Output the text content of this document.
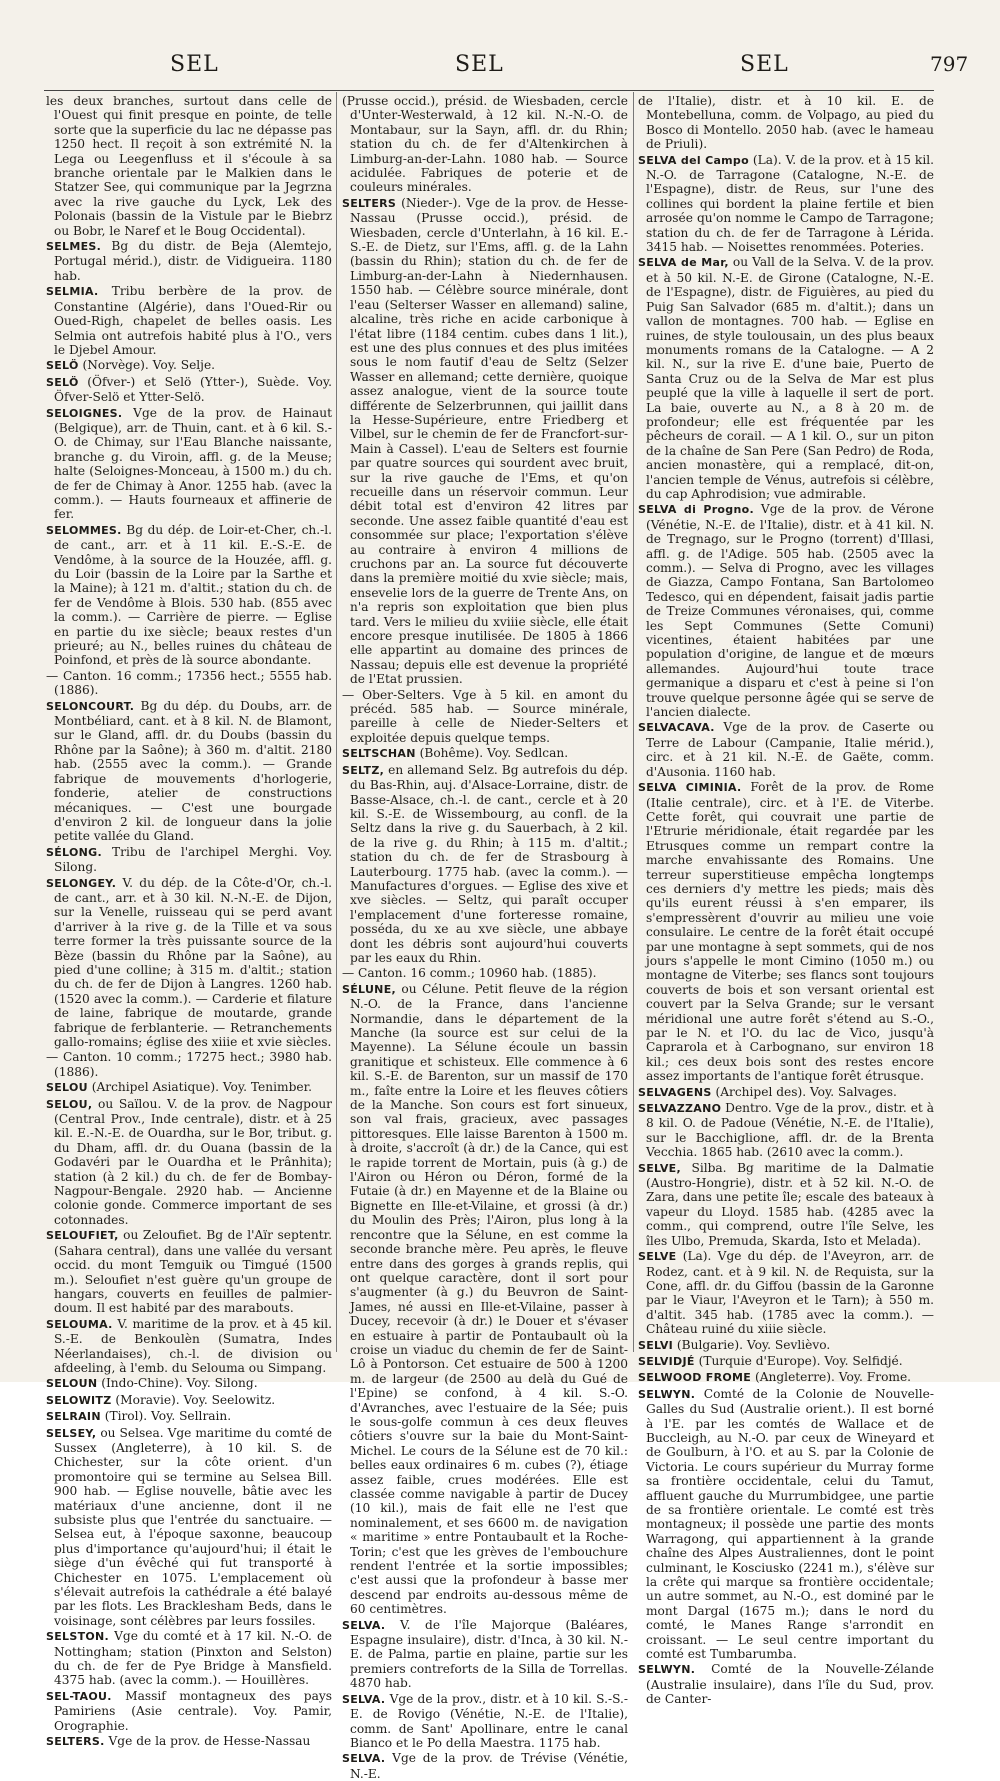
SEL	SEL	SEL	797

les deux branches, surtout dans celle de l'Ouest qui finit presque en pointe, de telle sorte que la superficie du lac ne dépasse pas 1250 hect. Il reçoit à son extrémité N. la Lega ou Leegenfluss et il s'écoule à sa branche orientale par le Malkien dans le Statzer See, qui communique par la Jegrzna avec la rive gauche du Lyck, Lek des Polonais (bassin de la Vistule par le Biebrz ou Bobr, le Naref et le Boug Occidental).

SELMES. Bg du distr. de Beja (Alemtejo, Portugal mérid.), distr. de Vidigueira. 1180 hab.

SELMIA. Tribu berbère de la prov. de Constantine (Algérie), dans l'Oued-Rir ou Oued-Righ, chapelet de belles oasis. Les Selmia ont autrefois habité plus à l'O., vers le Djebel Amour.

SELÖ (Norvège). Voy. Selje.

SELÖ (Öfver-) et Selö (Ytter-), Suède. Voy. Öfver-Selö et Ytter-Selö.

SELOIGNES. Vge de la prov. de Hainaut (Belgique), arr. de Thuin, cant. et à 6 kil. S.-O. de Chimay, sur l'Eau Blanche naissante, branche g. du Viroin, affl. g. de la Meuse; halte (Seloignes-Monceau, à 1500 m.) du ch. de fer de Chimay à Anor. 1255 hab. (avec la comm.). — Hauts fourneaux et affinerie de fer.

SELOMMES. Bg du dép. de Loir-et-Cher, ch.-l. de cant., arr. et à 11 kil. E.-S.-E. de Vendôme, à la source de la Houzée, affl. g. du Loir (bassin de la Loire par la Sarthe et la Maine); à 121 m. d'altit.; station du ch. de fer de Vendôme à Blois. 530 hab. (855 avec la comm.). — Carrière de pierre. — Eglise en partie du ixe siècle; beaux restes d'un prieuré; au N., belles ruines du château de Poinfond, et près de là source abondante.

— Canton. 16 comm.; 17356 hect.; 5555 hab. (1886).

SELONCOURT. Bg du dép. du Doubs, arr. de Montbéliard, cant. et à 8 kil. N. de Blamont, sur le Gland, affl. dr. du Doubs (bassin du Rhône par la Saône); à 360 m. d'altit. 2180 hab. (2555 avec la comm.). — Grande fabrique de mouvements d'horlogerie, fonderie, atelier de constructions mécaniques. — C'est une bourgade d'environ 2 kil. de longueur dans la jolie petite vallée du Gland.

SÉLONG. Tribu de l'archipel Merghi. Voy. Silong.

SELONGEY. V. du dép. de la Côte-d'Or, ch.-l. de cant., arr. et à 30 kil. N.-N.-E. de Dijon, sur la Venelle, ruisseau qui se perd avant d'arriver à la rive g. de la Tille et va sous terre former la très puissante source de la Bèze (bassin du Rhône par la Saône), au pied d'une colline; à 315 m. d'altit.; station du ch. de fer de Dijon à Langres. 1260 hab. (1520 avec la comm.). — Carderie et filature de laine, fabrique de moutarde, grande fabrique de ferblanterie. — Retranchements gallo-romains; église des xiiie et xvie siècles.

— Canton. 10 comm.; 17275 hect.; 3980 hab. (1886).

SELOU (Archipel Asiatique). Voy. Tenimber.

SELOU, ou Saïlou. V. de la prov. de Nagpour (Central Prov., Inde centrale), distr. et à 25 kil. E.-N.-E. de Ouardha, sur le Bor, tribut. g. du Dham, affl. dr. du Ouana (bassin de la Godavéri par le Ouardha et le Prânhita); station (à 2 kil.) du ch. de fer de Bombay-Nagpour-Bengale. 2920 hab. — Ancienne colonie gonde. Commerce important de ses cotonnades.

SELOUFIET, ou Zeloufiet. Bg de l'Aïr septentr. (Sahara central), dans une vallée du versant occid. du mont Temguik ou Timgué (1500 m.). Seloufiet n'est guère qu'un groupe de hangars, couverts en feuilles de palmier-doum. Il est habité par des marabouts.

SELOUMA. V. maritime de la prov. et à 45 kil. S.-E. de Benkoulèn (Sumatra, Indes Néerlandaises), ch.-l. de division ou afdeeling, à l'emb. du Selouma ou Simpang.

SELOUN (Indo-Chine). Voy. Silong.

SELOWITZ (Moravie). Voy. Seelowitz.

SELRAIN (Tirol). Voy. Sellrain.

SELSEY, ou Selsea. Vge maritime du comté de Sussex (Angleterre), à 10 kil. S. de Chichester, sur la côte orient. d'un promontoire qui se termine au Selsea Bill. 900 hab. — Eglise nouvelle, bâtie avec les matériaux d'une ancienne, dont il ne subsiste plus que l'entrée du sanctuaire. — Selsea eut, à l'époque saxonne, beaucoup plus d'importance qu'aujourd'hui; il était le siège d'un évêché qui fut transporté à Chichester en 1075. L'emplacement où s'élevait autrefois la cathédrale a été balayé par les flots. Les Bracklesham Beds, dans le voisinage, sont célèbres par leurs fossiles.

SELSTON. Vge du comté et à 17 kil. N.-O. de Nottingham; station (Pinxton and Selston) du ch. de fer de Pye Bridge à Mansfield. 4375 hab. (avec la comm.). — Houillères.

SEL-TAOU. Massif montagneux des pays Pamiriens (Asie centrale). Voy. Pamir, Orographie.

SELTERS. Vge de la prov. de Hesse-Nassau

(Prusse occid.), présid. de Wiesbaden, cercle d'Unter-Westerwald, à 12 kil. N.-N.-O. de Montabaur, sur la Sayn, affl. dr. du Rhin; station du ch. de fer d'Altenkirchen à Limburg-an-der-Lahn. 1080 hab. — Source acidulée. Fabriques de poterie et de couleurs minérales.

SELTERS (Nieder-). Vge de la prov. de Hesse-Nassau (Prusse occid.), présid. de Wiesbaden, cercle d'Unterlahn, à 16 kil. E.-S.-E. de Dietz, sur l'Ems, affl. g. de la Lahn (bassin du Rhin); station du ch. de fer de Limburg-an-der-Lahn à Niedernhausen. 1550 hab. — Célèbre source minérale, dont l'eau (Selterser Wasser en allemand) saline, alcaline, très riche en acide carbonique à l'état libre (1184 centim. cubes dans 1 lit.), est une des plus connues et des plus imitées sous le nom fautif d'eau de Seltz (Selzer Wasser en allemand; cette dernière, quoique assez analogue, vient de la source toute différente de Selzerbrunnen, qui jaillit dans la Hesse-Supérieure, entre Friedberg et Vilbel, sur le chemin de fer de Francfort-sur-Main à Cassel). L'eau de Selters est fournie par quatre sources qui sourdent avec bruit, sur la rive gauche de l'Ems, et qu'on recueille dans un réservoir commun. Leur débit total est d'environ 42 litres par seconde. Une assez faible quantité d'eau est consommée sur place; l'exportation s'élève au contraire à environ 4 millions de cruchons par an. La source fut découverte dans la première moitié du xvie siècle; mais, ensevelie lors de la guerre de Trente Ans, on n'a repris son exploitation que bien plus tard. Vers le milieu du xviiie siècle, elle était encore presque inutilisée. De 1805 à 1866 elle appartint au domaine des princes de Nassau; depuis elle est devenue la propriété de l'Etat prussien.

— Ober-Selters. Vge à 5 kil. en amont du précéd. 585 hab. — Source minérale, pareille à celle de Nieder-Selters et exploitée depuis quelque temps.

SELTSCHAN (Bohême). Voy. Sedlcan.

SELTZ, en allemand Selz. Bg autrefois du dép. du Bas-Rhin, auj. d'Alsace-Lorraine, distr. de Basse-Alsace, ch.-l. de cant., cercle et à 20 kil. S.-E. de Wissembourg, au confl. de la Seltz dans la rive g. du Sauerbach, à 2 kil. de la rive g. du Rhin; à 115 m. d'altit.; station du ch. de fer de Strasbourg à Lauterbourg. 1775 hab. (avec la comm.). — Manufactures d'orgues. — Eglise des xive et xve siècles. — Seltz, qui paraît occuper l'emplacement d'une forteresse romaine, posséda, du xe au xve siècle, une abbaye dont les débris sont aujourd'hui couverts par les eaux du Rhin.

— Canton. 16 comm.; 10960 hab. (1885).

SÉLUNE, ou Célune. Petit fleuve de la région N.-O. de la France, dans l'ancienne Normandie, dans le département de la Manche (la source est sur celui de la Mayenne). La Sélune écoule un bassin granitique et schisteux. Elle commence à 6 kil. S.-E. de Barenton, sur un massif de 170 m., faîte entre la Loire et les fleuves côtiers de la Manche. Son cours est fort sinueux, son val frais, gracieux, avec passages pittoresques. Elle laisse Barenton à 1500 m. à droite, s'accroît (à dr.) de la Cance, qui est le rapide torrent de Mortain, puis (à g.) de l'Airon ou Héron ou Déron, formé de la Futaie (à dr.) en Mayenne et de la Blaine ou Bignette en Ille-et-Vilaine, et grossi (à dr.) du Moulin des Près; l'Airon, plus long à la rencontre que la Sélune, en est comme la seconde branche mère. Peu après, le fleuve entre dans des gorges à grands replis, qui ont quelque caractère, dont il sort pour s'augmenter (à g.) du Beuvron de Saint-James, né aussi en Ille-et-Vilaine, passer à Ducey, recevoir (à dr.) le Douer et s'évaser en estuaire à partir de Pontaubault où la croise un viaduc du chemin de fer de Saint-Lô à Pontorson. Cet estuaire de 500 à 1200 m. de largeur (de 2500 au delà du Gué de l'Epine) se confond, à 4 kil. S.-O. d'Avranches, avec l'estuaire de la Sée; puis le sous-golfe commun à ces deux fleuves côtiers s'ouvre sur la baie du Mont-Saint-Michel. Le cours de la Sélune est de 70 kil.: belles eaux ordinaires 6 m. cubes (?), étiage assez faible, crues modérées. Elle est classée comme navigable à partir de Ducey (10 kil.), mais de fait elle ne l'est que nominalement, et ses 6600 m. de navigation « maritime » entre Pontaubault et la Roche-Torin; c'est que les grèves de l'embouchure rendent l'entrée et la sortie impossibles; c'est aussi que la profondeur à basse mer descend par endroits au-dessous même de 60 centimètres.

SELVA. V. de l'île Majorque (Baléares, Espagne insulaire), distr. d'Inca, à 30 kil. N.-E. de Palma, partie en plaine, partie sur les premiers contreforts de la Silla de Torrellas. 4870 hab.

SELVA. Vge de la prov., distr. et à 10 kil. S.-S.-E. de Rovigo (Vénétie, N.-E. de l'Italie), comm. de Sant' Apollinare, entre le canal Bianco et le Po della Maestra. 1175 hab.

SELVA. Vge de la prov. de Trévise (Vénétie, N.-E.

de l'Italie), distr. et à 10 kil. E. de Montebelluna, comm. de Volpago, au pied du Bosco di Montello. 2050 hab. (avec le hameau de Priuli).

SELVA del Campo (La). V. de la prov. et à 15 kil. N.-O. de Tarragone (Catalogne, N.-E. de l'Espagne), distr. de Reus, sur l'une des collines qui bordent la plaine fertile et bien arrosée qu'on nomme le Campo de Tarragone; station du ch. de fer de Tarragone à Lérida. 3415 hab. — Noisettes renommées. Poteries.

SELVA de Mar, ou Vall de la Selva. V. de la prov. et à 50 kil. N.-E. de Girone (Catalogne, N.-E. de l'Espagne), distr. de Figuières, au pied du Puig San Salvador (685 m. d'altit.); dans un vallon de montagnes. 700 hab. — Eglise en ruines, de style toulousain, un des plus beaux monuments romans de la Catalogne. — A 2 kil. N., sur la rive E. d'une baie, Puerto de Santa Cruz ou de la Selva de Mar est plus peuplé que la ville à laquelle il sert de port. La baie, ouverte au N., a 8 à 20 m. de profondeur; elle est fréquentée par les pêcheurs de corail. — A 1 kil. O., sur un piton de la chaîne de San Pere (San Pedro) de Roda, ancien monastère, qui a remplacé, dit-on, l'ancien temple de Vénus, autrefois si célèbre, du cap Aphrodision; vue admirable.

SELVA di Progno. Vge de la prov. de Vérone (Vénétie, N.-E. de l'Italie), distr. et à 41 kil. N. de Tregnago, sur le Progno (torrent) d'Illasi, affl. g. de l'Adige. 505 hab. (2505 avec la comm.). — Selva di Progno, avec les villages de Giazza, Campo Fontana, San Bartolomeo Tedesco, qui en dépendent, faisait jadis partie de Treize Communes véronaises, qui, comme les Sept Communes (Sette Comuni) vicentines, étaient habitées par une population d'origine, de langue et de mœurs allemandes. Aujourd'hui toute trace germanique a disparu et c'est à peine si l'on trouve quelque personne âgée qui se serve de l'ancien dialecte.

SELVACAVA. Vge de la prov. de Caserte ou Terre de Labour (Campanie, Italie mérid.), circ. et à 21 kil. N.-E. de Gaëte, comm. d'Ausonia. 1160 hab.

SELVA CIMINIA. Forêt de la prov. de Rome (Italie centrale), circ. et à l'E. de Viterbe. Cette forêt, qui couvrait une partie de l'Etrurie méridionale, était regardée par les Etrusques comme un rempart contre la marche envahissante des Romains. Une terreur superstitieuse empêcha longtemps ces derniers d'y mettre les pieds; mais dès qu'ils eurent réussi à s'en emparer, ils s'empressèrent d'ouvrir au milieu une voie consulaire. Le centre de la forêt était occupé par une montagne à sept sommets, qui de nos jours s'appelle le mont Cimino (1050 m.) ou montagne de Viterbe; ses flancs sont toujours couverts de bois et son versant oriental est couvert par la Selva Grande; sur le versant méridional une autre forêt s'étend au S.-O., par le N. et l'O. du lac de Vico, jusqu'à Caprarola et à Carbognano, sur environ 18 kil.; ces deux bois sont des restes encore assez importants de l'antique forêt étrusque.

SELVAGENS (Archipel des). Voy. Salvages.

SELVAZZANO Dentro. Vge de la prov., distr. et à 8 kil. O. de Padoue (Vénétie, N.-E. de l'Italie), sur le Bacchiglione, affl. dr. de la Brenta Vecchia. 1865 hab. (2610 avec la comm.).

SELVE, Silba. Bg maritime de la Dalmatie (Austro-Hongrie), distr. et à 52 kil. N.-O. de Zara, dans une petite île; escale des bateaux à vapeur du Lloyd. 1585 hab. (4285 avec la comm., qui comprend, outre l'île Selve, les îles Ulbo, Premuda, Skarda, Isto et Melada).

SELVE (La). Vge du dép. de l'Aveyron, arr. de Rodez, cant. et à 9 kil. N. de Requista, sur la Cone, affl. dr. du Giffou (bassin de la Garonne par le Viaur, l'Aveyron et le Tarn); à 550 m. d'altit. 345 hab. (1785 avec la comm.). — Château ruiné du xiiie siècle.

SELVI (Bulgarie). Voy. Sevlièvo.

SELVIDJÉ (Turquie d'Europe). Voy. Selfidjé.

SELWOOD FROME (Angleterre). Voy. Frome.

SELWYN. Comté de la Colonie de Nouvelle-Galles du Sud (Australie orient.). Il est borné à l'E. par les comtés de Wallace et de Buccleigh, au N.-O. par ceux de Wineyard et de Goulburn, à l'O. et au S. par la Colonie de Victoria. Le cours supérieur du Murray forme sa frontière occidentale, celui du Tamut, affluent gauche du Murrumbidgee, une partie de sa frontière orientale. Le comté est très montagneux; il possède une partie des monts Warragong, qui appartiennent à la grande chaîne des Alpes Australiennes, dont le point culminant, le Kosciusko (2241 m.), s'élève sur la crête qui marque sa frontière occidentale; un autre sommet, au N.-O., est dominé par le mont Dargal (1675 m.); dans le nord du comté, le Manes Range s'arrondit en croissant. — Le seul centre important du comté est Tumbarumba.

SELWYN. Comté de la Nouvelle-Zélande (Australie insulaire), dans l'île du Sud, prov. de Canter-
